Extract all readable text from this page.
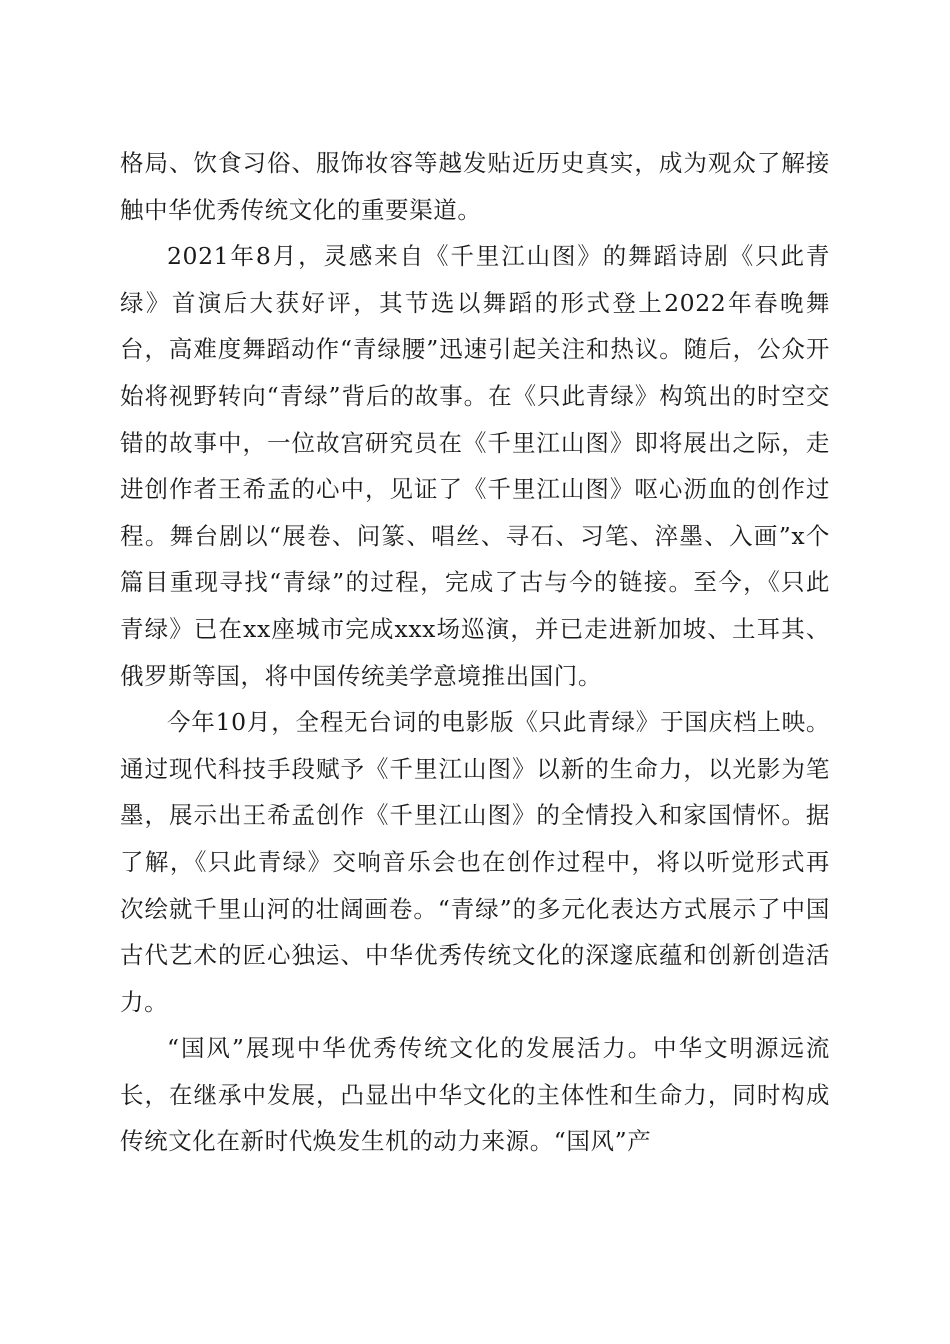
格局、饮食习俗、服饰妆容等越发贴近历史真实，成为观众了解接触中华优秀传统文化的重要渠道。

2021年8月，灵感来自《千里江山图》的舞蹈诗剧《只此青绿》首演后大获好评，其节选以舞蹈的形式登上2022年春晚舞台，高难度舞蹈动作“青绿腰”迅速引起关注和热议。随后，公众开始将视野转向“青绿”背后的故事。在《只此青绿》构筑出的时空交错的故事中，一位故宫研究员在《千里江山图》即将展出之际，走进创作者王希孟的心中，见证了《千里江山图》呕心沥血的创作过程。舞台剧以“展卷、问篆、唱丝、寻石、习笔、淬墨、入画”x个篇目重现寻找“青绿”的过程，完成了古与今的链接。至今，《只此青绿》已在xx座城市完成xxx场巡演，并已走进新加坡、土耳其、俄罗斯等国，将中国传统美学意境推出国门。

今年10月，全程无台词的电影版《只此青绿》于国庆档上映。通过现代科技手段赋予《千里江山图》以新的生命力，以光影为笔墨，展示出王希孟创作《千里江山图》的全情投入和家国情怀。据了解，《只此青绿》交响音乐会也在创作过程中，将以听觉形式再次绘就千里山河的壮阔画卷。“青绿”的多元化表达方式展示了中国古代艺术的匠心独运、中华优秀传统文化的深邃底蕴和创新创造活力。

“国风”展现中华优秀传统文化的发展活力。中华文明源远流长，在继承中发展，凸显出中华文化的主体性和生命力，同时构成传统文化在新时代焕发生机的动力来源。“国风”产
